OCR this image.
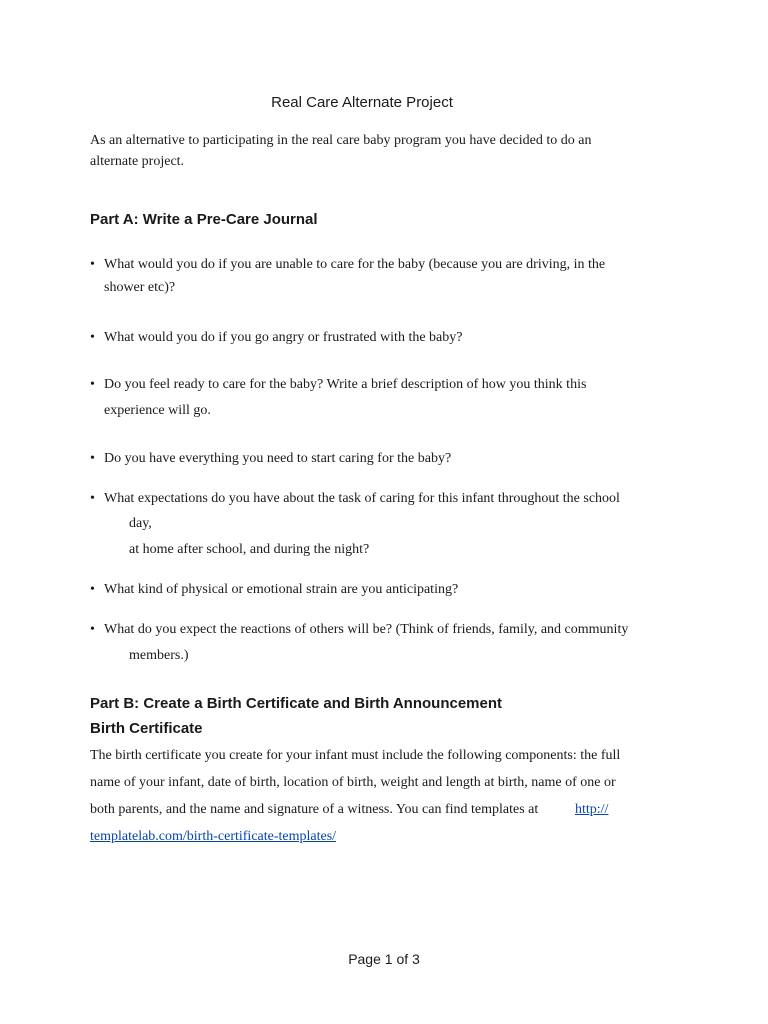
Real Care Alternate Project
As an alternative to participating in the real care baby program you have decided to do an
alternate project.
Part A: Write a Pre-Care Journal
• What would you do if you are unable to care for the baby (because you are driving, in the
shower etc)?
• What would you do if you go angry or frustrated with the baby?
• Do you feel ready to care for the baby? Write a brief description of how you think this
experience will go.
• Do you have everything you need to start caring for the baby?
• What expectations do you have about the task of caring for this infant throughout the school
day,
at home after school, and during the night?
• What kind of physical or emotional strain are you anticipating?
• What do you expect the reactions of others will be? (Think of friends, family, and community
members.)
Part B: Create a Birth Certificate and Birth Announcement
Birth Certificate
The birth certificate you create for your infant must include the following components: the full
name of your infant, date of birth, location of birth, weight and length at birth, name of one or
both parents, and the name and signature of a witness. You can find templates at	http://
templatelab.com/birth-certificate-templates/
Page 1 of 3
